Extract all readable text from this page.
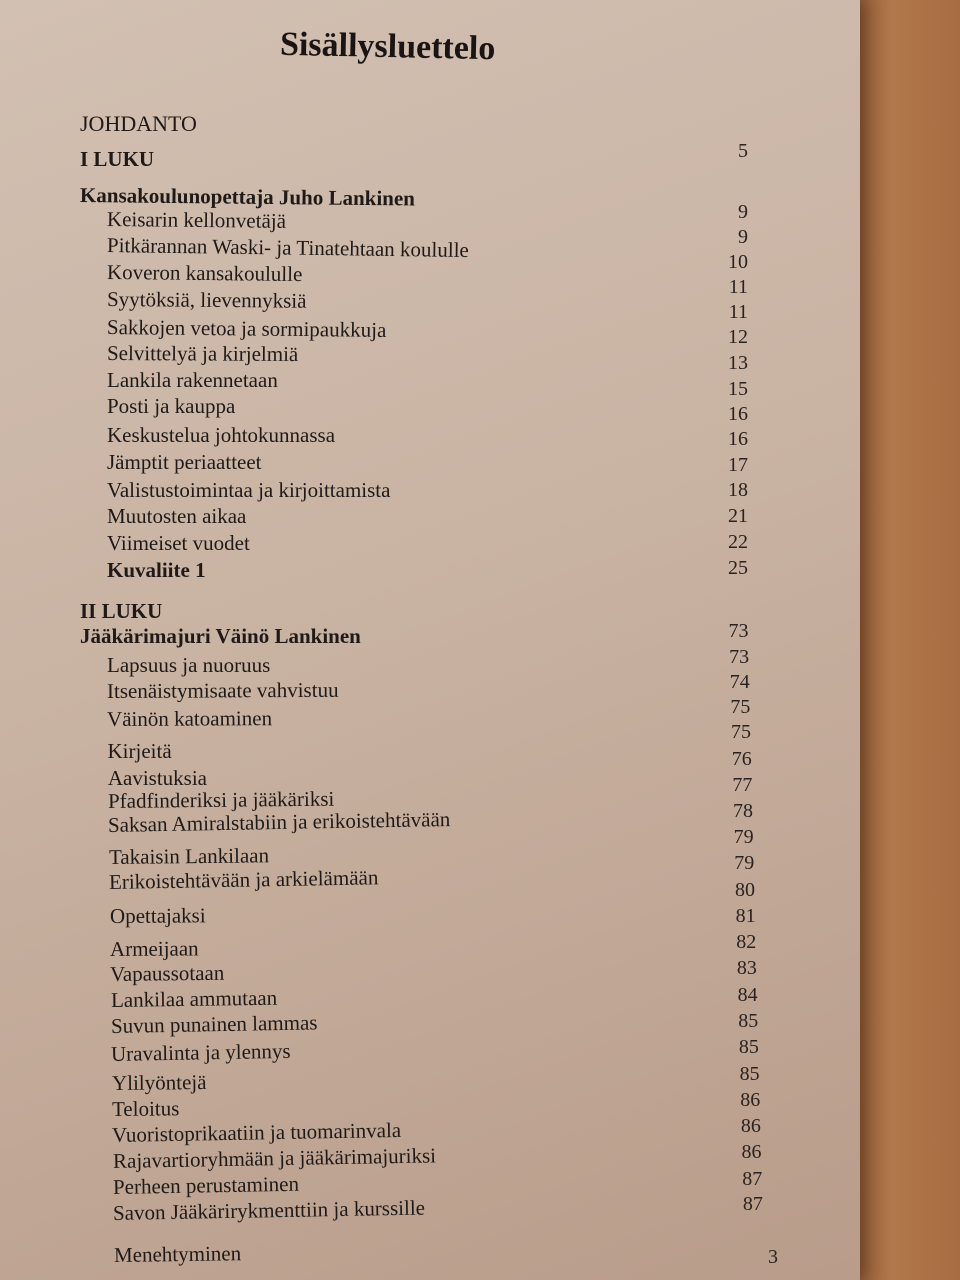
Sisällysluettelo
JOHDANTO
I LUKU
Kansakoulunopettaja Juho Lankinen
Keisarin kellonvetäjä
Pitkärannan Waski- ja Tinatehtaan koululle
Koveron kansakoululle
Syytöksiä, lievennyksiä
Sakkojen vetoa ja sormipaukkuja
Selvittelyä ja kirjelmiä
Lankila rakennetaan
Posti ja kauppa
Keskustelua johtokunnassa
Jämptit periaatteet
Valistustoimintaa ja kirjoittamista
Muutosten aikaa
Viimeiset vuodet
Kuvaliite 1
II LUKU
Jääkärimajuri Väinö Lankinen
Lapsuus ja nuoruus
Itsenäistymisaate vahvistuu
Väinön katoaminen
Kirjeitä
Aavistuksia
Pfadfinderiksi ja jääkäriksi
Saksan Amiralstabiin ja erikoistehtävään
Takaisin Lankilaan
Erikoistehtävään ja arkielämään
Opettajaksi
Armeijaan
Vapaussotaan
Lankilaa ammutaan
Suvun punainen lammas
Uravalinta ja ylennys
Ylilyöntejä
Teloitus
Vuoristoprikaatiin ja tuomarinvala
Rajavartioryhmään ja jääkärimajuriksi
Perheen perustaminen
Savon Jääkärirykmenttiin ja kurssille
Menehtyminen
5
9
9
10
11
11
12
13
15
16
16
17
18
21
22
25
73
73
74
75
75
76
77
78
79
79
80
81
82
83
84
85
85
85
86
86
86
87
87
3
